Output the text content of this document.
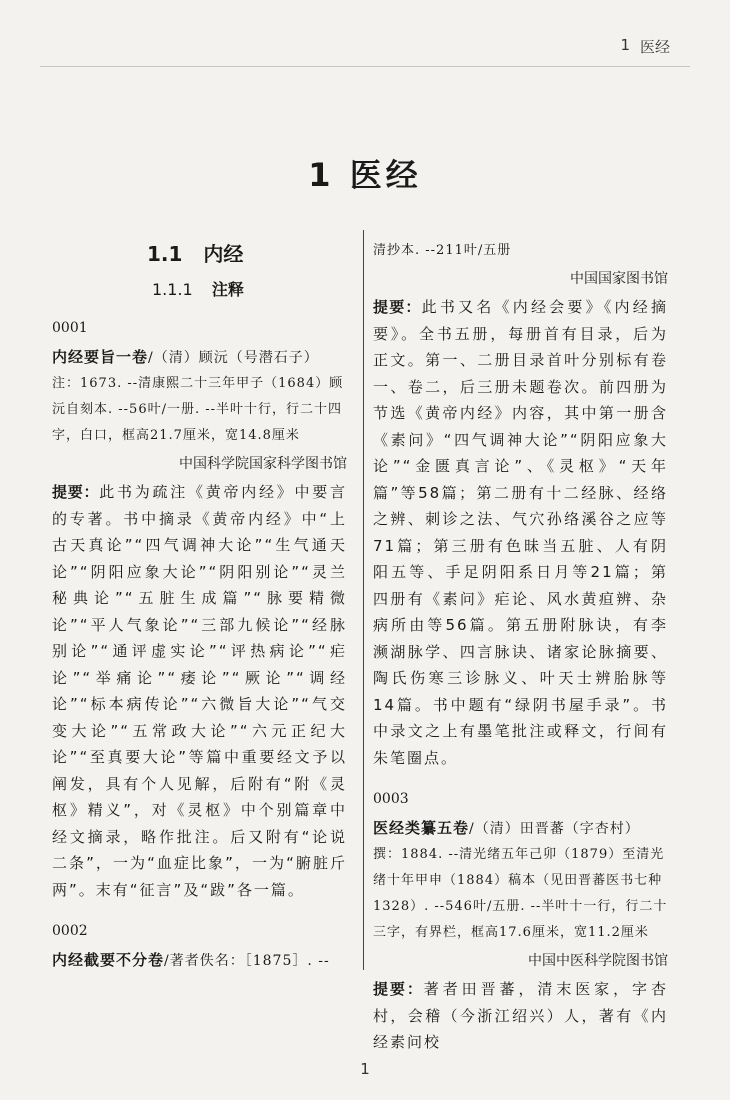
1 医经
1 医经
1.1 内经
1.1.1 注释
0001

内经要旨一卷/（清）顾沅（号潜石子）

注：1673. --清康熙二十三年甲子（1684）顾沅自刻本. --56叶/一册. --半叶十行，行二十四字，白口，框高21.7厘米，宽14.8厘米

中国科学院国家科学图书馆

提要：此书为疏注《黄帝内经》中要言的专著。书中摘录《黄帝内经》中“上古天真论”“四气调神大论”“生气通天论”“阴阳应象大论”“阴阳别论”“灵兰秘典论”“五脏生成篇”“脉要精微论”“平人气象论”“三部九候论”“经脉别论”“通评虚实论”“评热病论”“疟论”“举痛论”“痿论”“厥论”“调经论”“标本病传论”“六微旨大论”“气交变大论”“五常政大论”“六元正纪大论”“至真要大论”等篇中重要经文予以阐发，具有个人见解，后附有“附《灵枢》精义”，对《灵枢》中个别篇章中经文摘录，略作批注。后又附有“论说二条”，一为“血症比象”，一为“腑脏斤两”。末有“征言”及“跋”各一篇。

0002

内经截要不分卷/著者佚名：［1875］. --

清抄本. --211叶/五册

中国国家图书馆

提要：此书又名《内经会要》《内经摘要》。全书五册，每册首有目录，后为正文。第一、二册目录首叶分别标有卷一、卷二，后三册未题卷次。前四册为节选《黄帝内经》内容，其中第一册含《素问》“四气调神大论”“阴阳应象大论”“金匮真言论”、《灵枢》“天年篇”等58篇；第二册有十二经脉、经络之辨、刺诊之法、气穴孙络溪谷之应等71篇；第三册有色昧当五脏、人有阴阳五等、手足阴阳系日月等21篇；第四册有《素问》疟论、风水黄疸辨、杂病所由等56篇。第五册附脉诀，有李濒湖脉学、四言脉诀、诸家论脉摘要、陶氏伤寒三诊脉义、叶天士辨胎脉等14篇。书中题有“绿阴书屋手录”。书中录文之上有墨笔批注或释文，行间有朱笔圈点。

0003

医经类纂五卷/（清）田晋蕃（字杏村）

撰：1884. --清光绪五年己卯（1879）至清光绪十年甲申（1884）稿本（见田晋蕃医书七种1328）. --546叶/五册. --半叶十一行，行二十三字，有界栏，框高17.6厘米，宽11.2厘米

中国中医科学院图书馆

提要：著者田晋蕃，清末医家，字杏村，会稽（今浙江绍兴）人，著有《内经素问校

1
